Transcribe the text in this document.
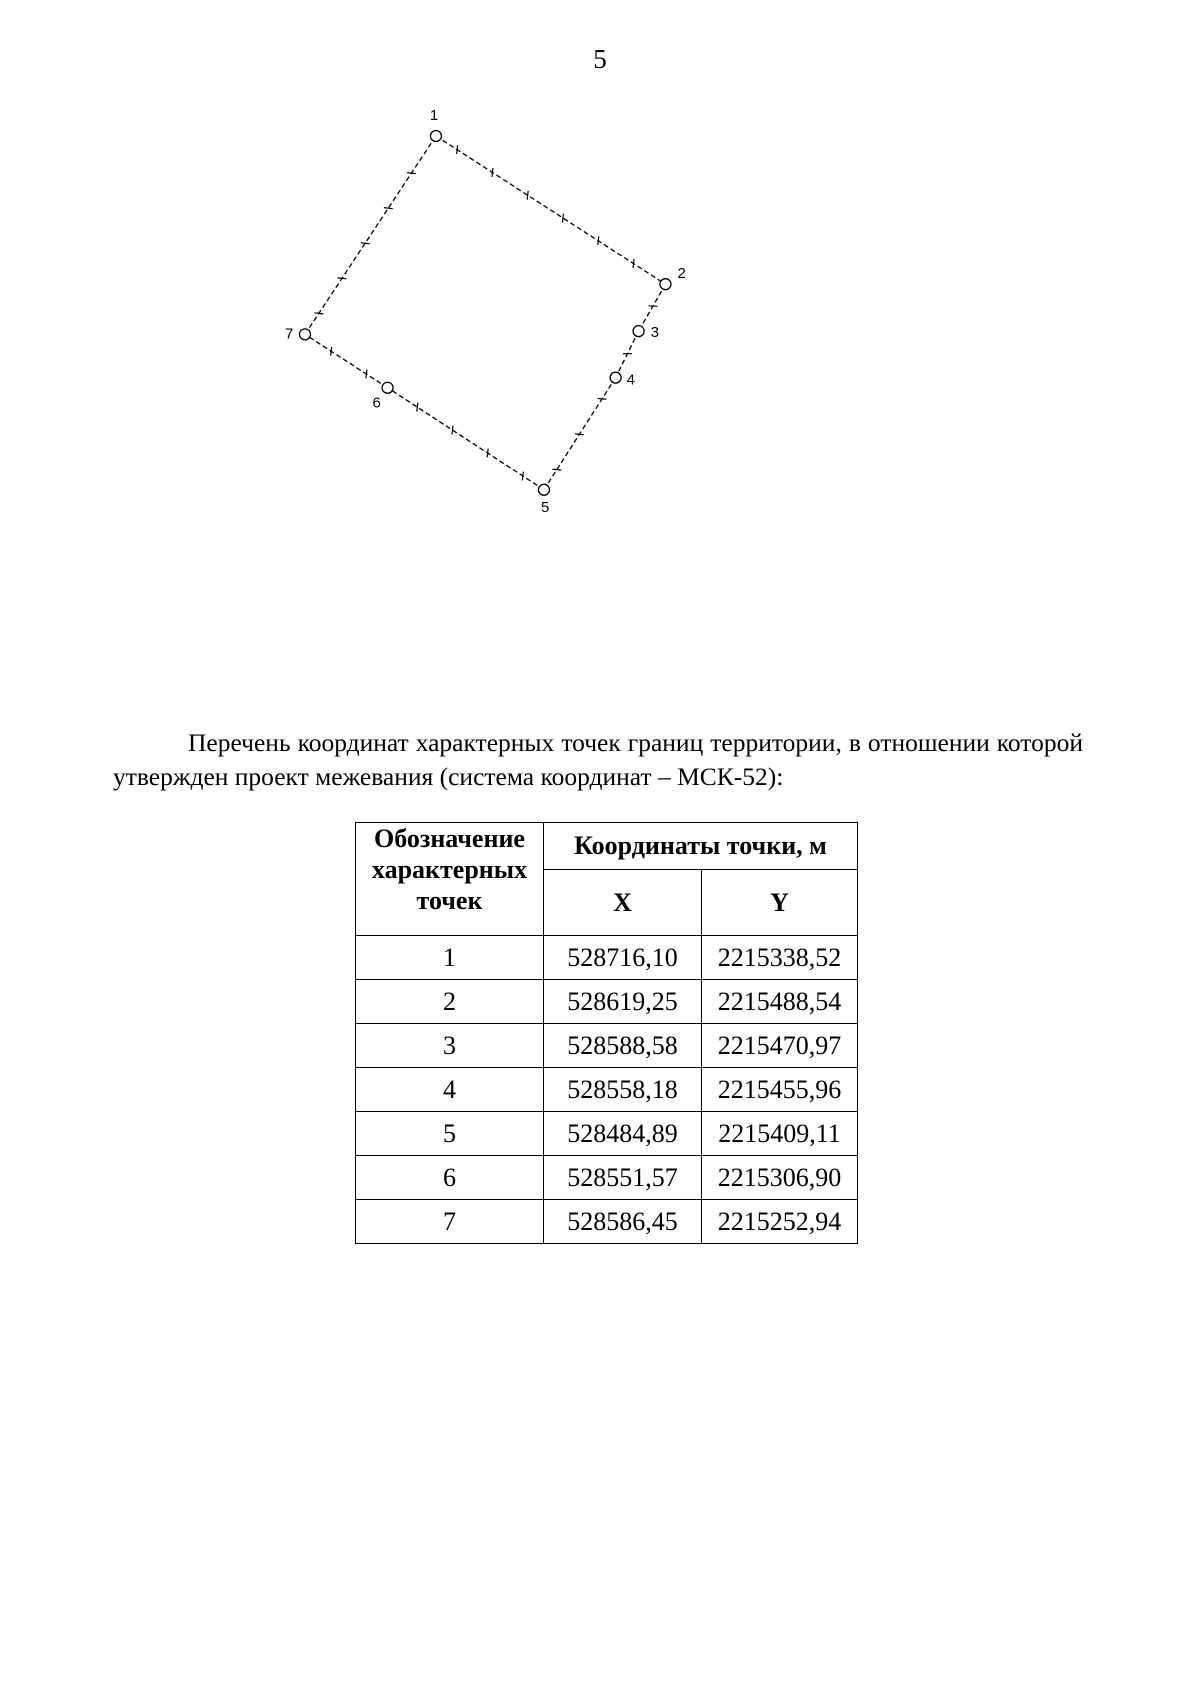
5
1
2
3
4
5
6
7

Перечень координат характерных точек границ территории, в отношении которой утвержден проект межевания (система координат – МСК-52):

Обозначение характерных точек	Координаты точки, м	
	X	Y
1	528716,10	2215338,52
2	528619,25	2215488,54
3	528588,58	2215470,97
4	528558,18	2215455,96
5	528484,89	2215409,11
6	528551,57	2215306,90
7	528586,45	2215252,94
